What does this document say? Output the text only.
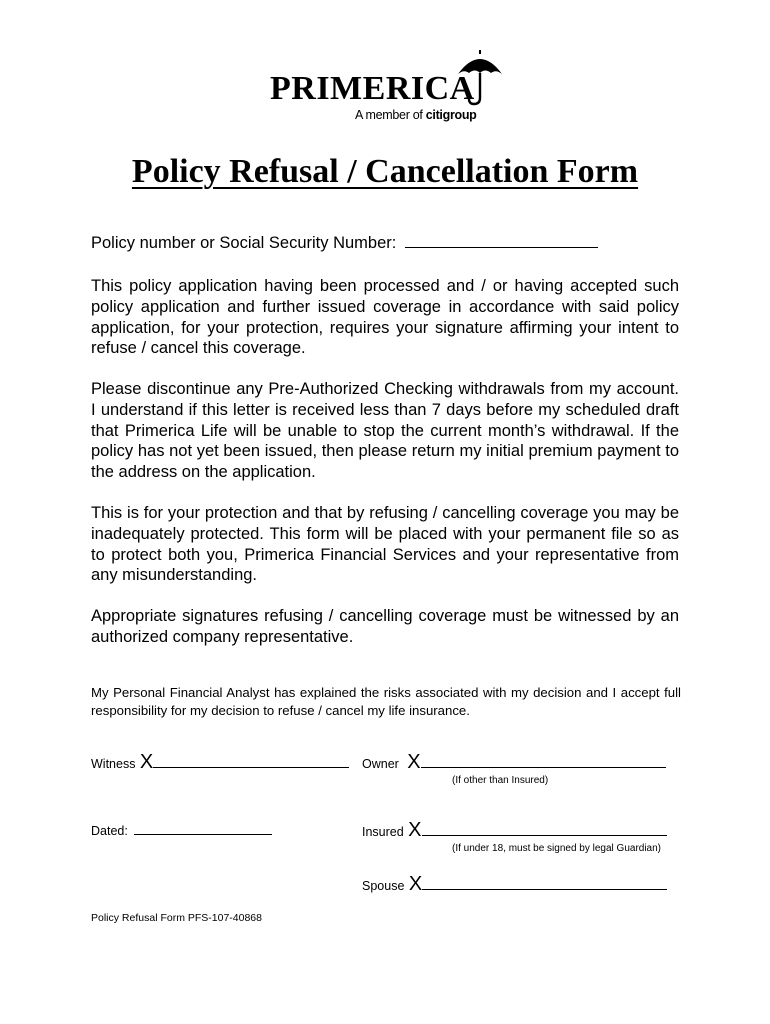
PRIMERICA
A member of citigroup
Policy Refusal / Cancellation Form
Policy number or Social Security Number:
This policy application having been processed and / or having accepted such policy application and further issued coverage in accordance with said policy application, for your protection, requires your signature affirming your intent to refuse / cancel this coverage.
Please discontinue any Pre-Authorized Checking withdrawals from my account. I understand if this letter is received less than 7 days before my scheduled draft that Primerica Life will be unable to stop the current month’s withdrawal. If the policy has not yet been issued, then please return my initial premium payment to the address on the application.
This is for your protection and that by refusing / cancelling coverage you may be inadequately protected. This form will be placed with your permanent file so as to protect both you, Primerica Financial Services and your representative from any misunderstanding.
Appropriate signatures refusing / cancelling coverage must be witnessed by an authorized company representative.
My Personal Financial Analyst has explained the risks associated with my decision and I accept full responsibility for my decision to refuse / cancel my life insurance.
Witness X	Owner X
(If other than Insured)
Dated:	Insured X
(If under 18, must be signed by legal Guardian)
Spouse X
Policy Refusal Form PFS-107-40868
